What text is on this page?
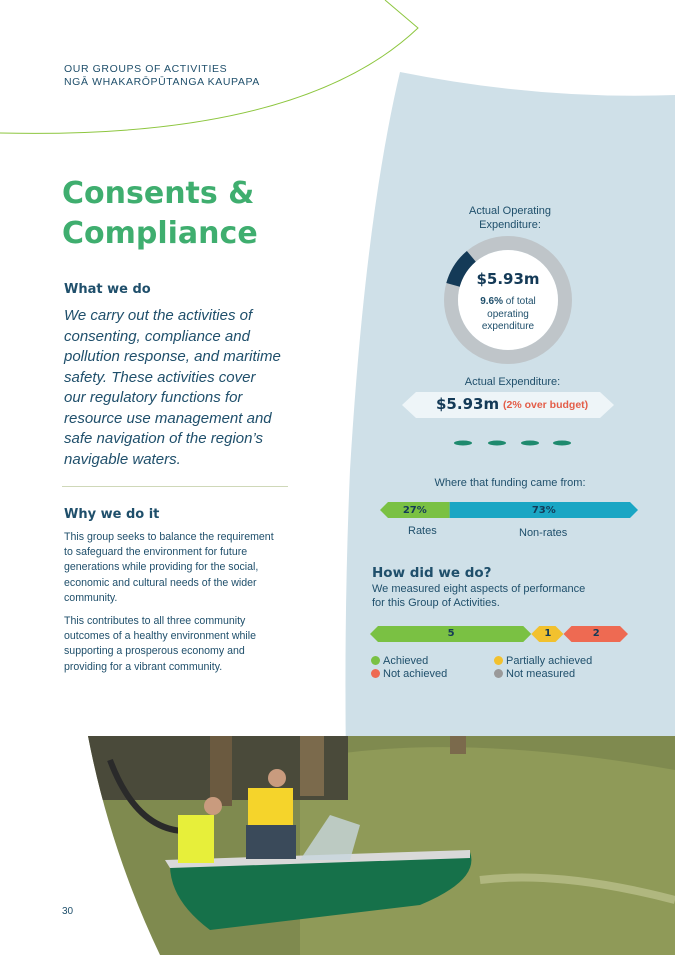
OUR GROUPS OF ACTIVITIES
NGĀ WHAKARŌPŪTANGA KAUPAPA
Consents &
Compliance
What we do
We carry out the activities of
consenting, compliance and
pollution response, and maritime
safety. These activities cover
our regulatory functions for
resource use management and
safe navigation of the region’s
navigable waters.
Why we do it
This group seeks to balance the requirement
to safeguard the environment for future
generations while providing for the social,
economic and cultural needs of the wider
community.
This contributes to all three community
outcomes of a healthy environment while
supporting a prosperous economy and
providing for a vibrant community.
Actual Operating
Expenditure:
$5.93m
9.6% of total
operating
expenditure
Actual Expenditure:
$5.93m (2% over budget)
Where that funding came from:
27%	73%
Rates	Non-rates
How did we do?
We measured eight aspects of performance
for this Group of Activities.
5	1	2
Achieved	Partially achieved
Not achieved	Not measured
30
